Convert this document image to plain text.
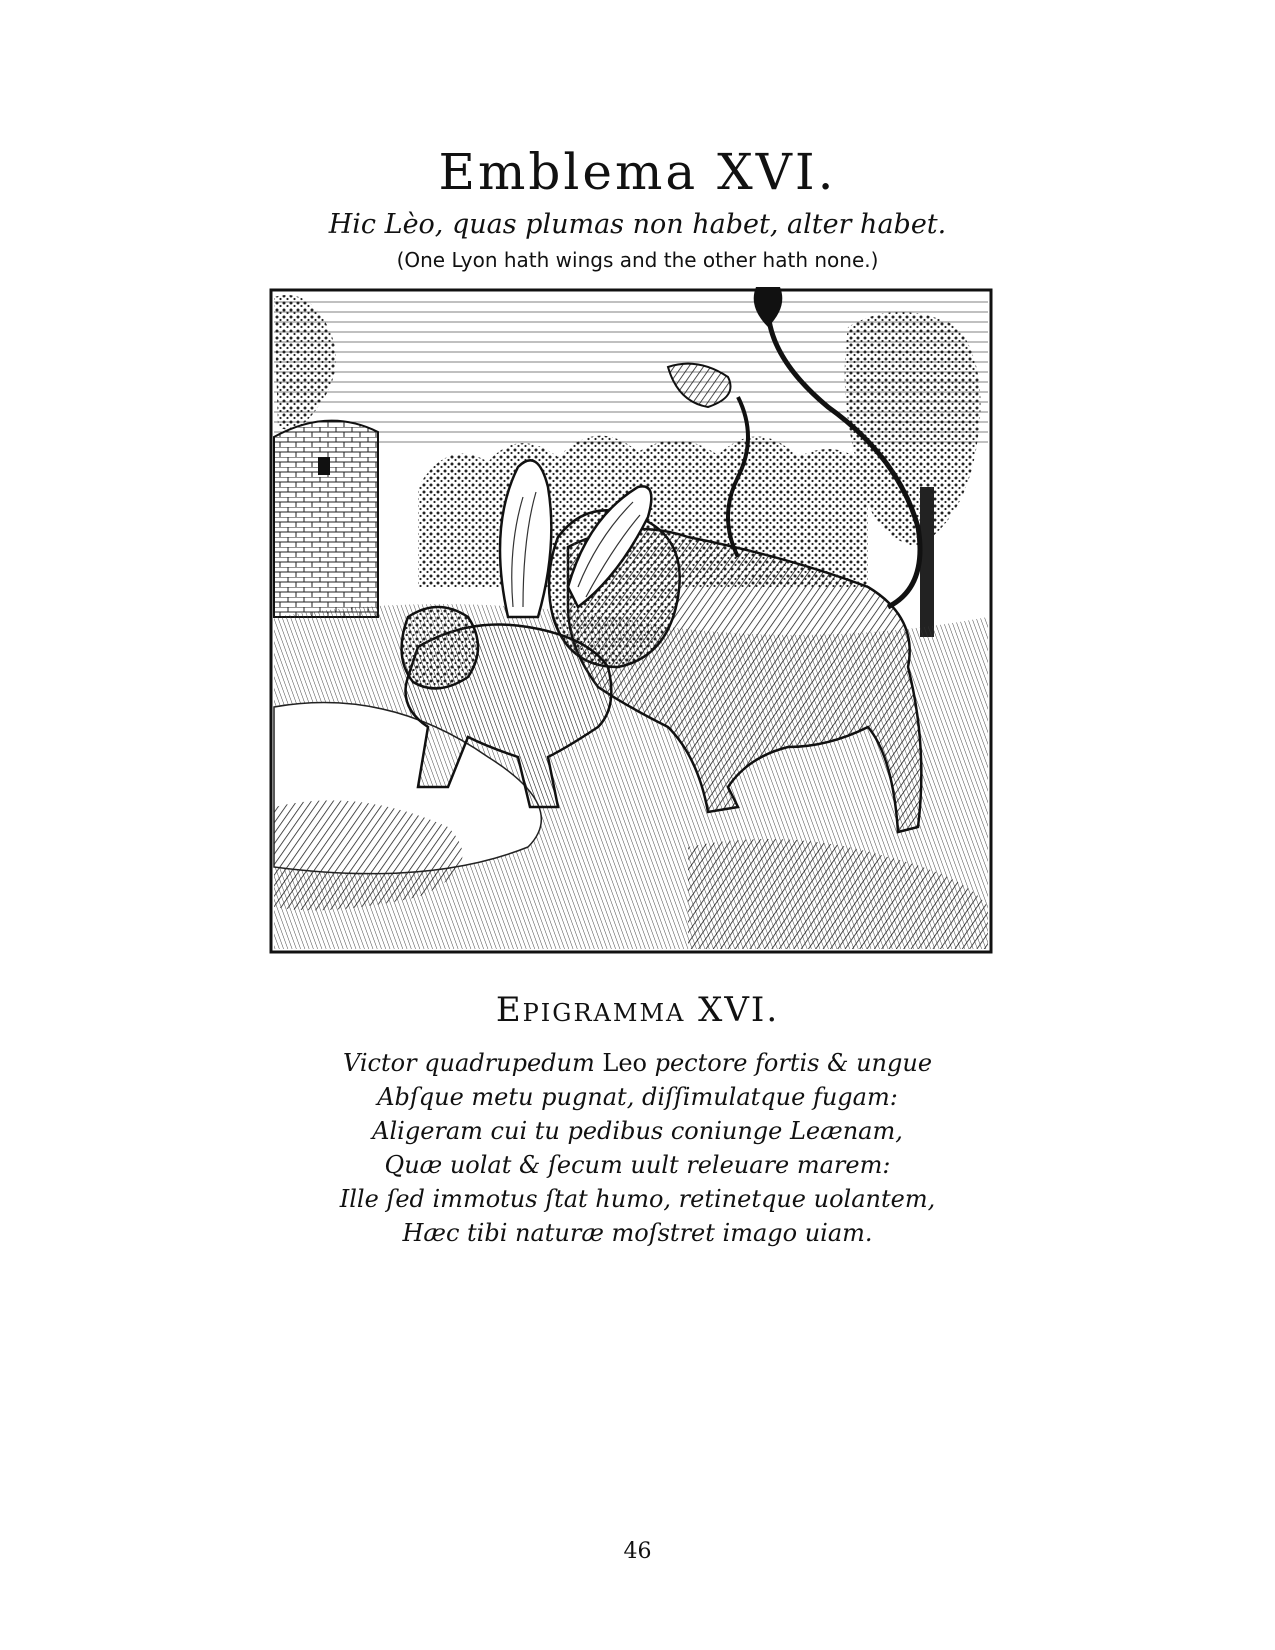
Emblema XVI.
Hic Lèo, quas plumas non habet, alter habet.
(One Lyon hath wings and the other hath none.)
Epigramma XVI.
Victor quadrupedum Leo pectore fortis & ungue
Abſque metu pugnat, diſſimulatque fugam:
Aligeram cui tu pedibus coniunge Leænam,
Quæ uolat & ſecum uult releuare marem:
Ille ſed immotus ſtat humo, retinetque uolantem,
Hæc tibi naturæ moſstret imago uiam.
46
